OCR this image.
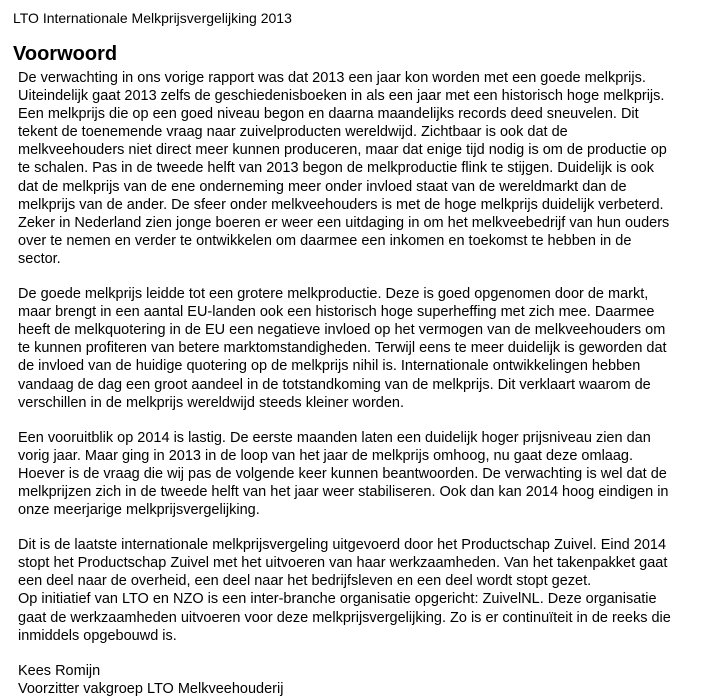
LTO Internationale Melkprijsvergelijking 2013
Voorwoord
De verwachting in ons vorige rapport was dat 2013 een jaar kon worden met een goede melkprijs.
Uiteindelijk gaat 2013 zelfs de geschiedenisboeken in als een jaar met een historisch hoge melkprijs.
Een melkprijs die op een goed niveau begon en daarna maandelijks records deed sneuvelen. Dit
tekent de toenemende vraag naar zuivelproducten wereldwijd. Zichtbaar is ook dat de
melkveehouders niet direct meer kunnen produceren, maar dat enige tijd nodig is om de productie op
te schalen. Pas in de tweede helft van 2013 begon de melkproductie flink te stijgen. Duidelijk is ook
dat de melkprijs van de ene onderneming meer onder invloed staat van de wereldmarkt dan de
melkprijs van de ander. De sfeer onder melkveehouders is met de hoge melkprijs duidelijk verbeterd.
Zeker in Nederland zien jonge boeren er weer een uitdaging in om het melkveebedrijf van hun ouders
over te nemen en verder te ontwikkelen om daarmee een inkomen en toekomst te hebben in de
sector.
De goede melkprijs leidde tot een grotere melkproductie. Deze is goed opgenomen door de markt,
maar brengt in een aantal EU-landen ook een historisch hoge superheffing met zich mee. Daarmee
heeft de melkquotering in de EU een negatieve invloed op het vermogen van de melkveehouders om
te kunnen profiteren van betere marktomstandigheden. Terwijl eens te meer duidelijk is geworden dat
de invloed van de huidige quotering op de melkprijs nihil is. Internationale ontwikkelingen hebben
vandaag de dag een groot aandeel in de totstandkoming van de melkprijs. Dit verklaart waarom de
verschillen in de melkprijs wereldwijd steeds kleiner worden.
Een vooruitblik op 2014 is lastig. De eerste maanden laten een duidelijk hoger prijsniveau zien dan
vorig jaar. Maar ging in 2013 in de loop van het jaar de melkprijs omhoog, nu gaat deze omlaag.
Hoever is de vraag die wij pas de volgende keer kunnen beantwoorden. De verwachting is wel dat de
melkprijzen zich in de tweede helft van het jaar weer stabiliseren. Ook dan kan 2014 hoog eindigen in
onze meerjarige melkprijsvergelijking.
Dit is de laatste internationale melkprijsvergeling uitgevoerd door het Productschap Zuivel. Eind 2014
stopt het Productschap Zuivel met het uitvoeren van haar werkzaamheden. Van het takenpakket gaat
een deel naar de overheid, een deel naar het bedrijfsleven en een deel wordt stopt gezet.
Op initiatief van LTO en NZO is een inter-branche organisatie opgericht: ZuivelNL. Deze organisatie
gaat de werkzaamheden uitvoeren voor deze melkprijsvergelijking. Zo is er continuïteit in de reeks die
inmiddels opgebouwd is.
Kees Romijn
Voorzitter vakgroep LTO Melkveehouderij
